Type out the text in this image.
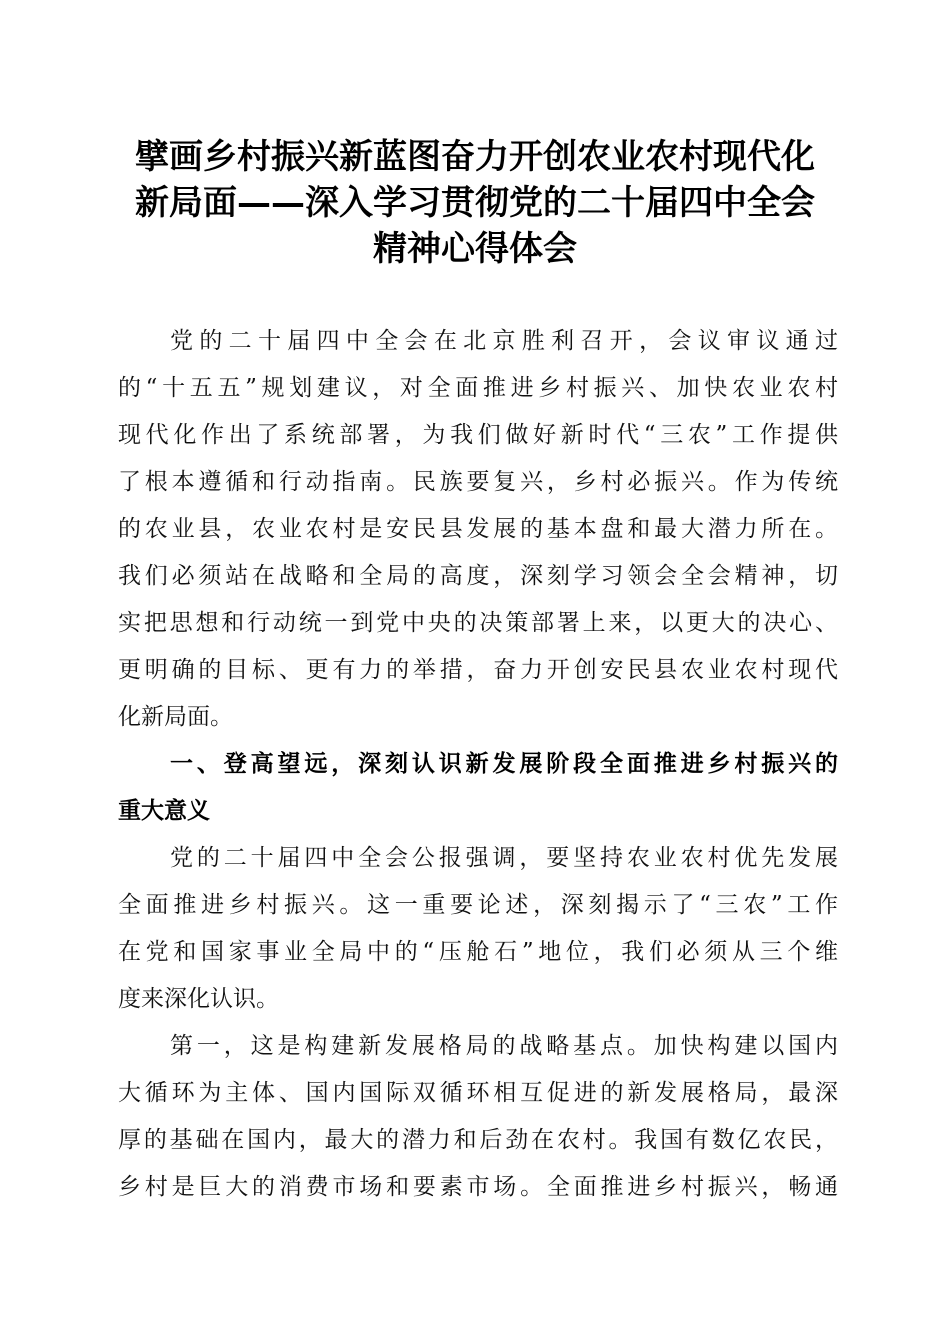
擘画乡村振兴新蓝图奋力开创农业农村现代化
新局面——深入学习贯彻党的二十届四中全会
精神心得体会
党的二十届四中全会在北京胜利召开，会议审议通过
的“十五五”规划建议，对全面推进乡村振兴、加快农业农村
现代化作出了系统部署，为我们做好新时代“三农”工作提供
了根本遵循和行动指南。民族要复兴，乡村必振兴。作为传统
的农业县，农业农村是安民县发展的基本盘和最大潜力所在。
我们必须站在战略和全局的高度，深刻学习领会全会精神，切
实把思想和行动统一到党中央的决策部署上来，以更大的决心、
更明确的目标、更有力的举措，奋力开创安民县农业农村现代
化新局面。
一、登高望远，深刻认识新发展阶段全面推进乡村振兴的
重大意义
党的二十届四中全会公报强调，要坚持农业农村优先发展
全面推进乡村振兴。这一重要论述，深刻揭示了“三农”工作
在党和国家事业全局中的“压舱石”地位，我们必须从三个维
度来深化认识。
第一，这是构建新发展格局的战略基点。加快构建以国内
大循环为主体、国内国际双循环相互促进的新发展格局，最深
厚的基础在国内，最大的潜力和后劲在农村。我国有数亿农民，
乡村是巨大的消费市场和要素市场。全面推进乡村振兴，畅通
